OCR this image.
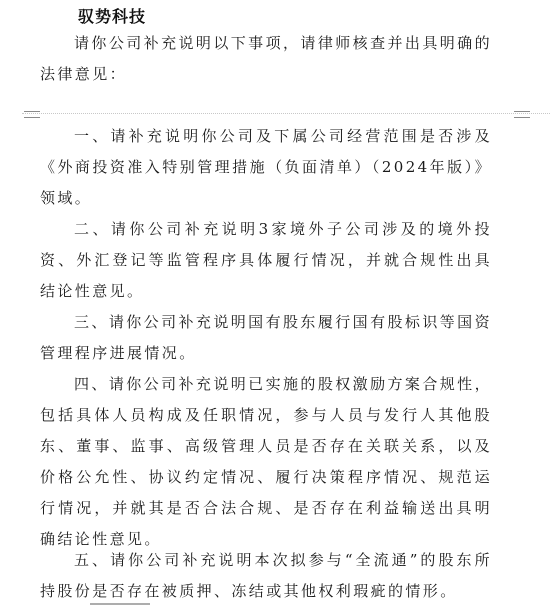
驭势科技

请你公司补充说明以下事项，请律师核查并出具明确的法律意见：

一、请补充说明你公司及下属公司经营范围是否涉及《外商投资准入特别管理措施（负面清单）（2024年版）》领域。

二、请你公司补充说明3家境外子公司涉及的境外投资、外汇登记等监管程序具体履行情况，并就合规性出具结论性意见。

三、请你公司补充说明国有股东履行国有股标识等国资管理程序进展情况。

四、请你公司补充说明已实施的股权激励方案合规性，包括具体人员构成及任职情况，参与人员与发行人其他股东、董事、监事、高级管理人员是否存在关联关系，以及价格公允性、协议约定情况、履行决策程序情况、规范运行情况，并就其是否合法合规、是否存在利益输送出具明确结论性意见。

五、请你公司补充说明本次拟参与“全流通”的股东所持股份是否存在被质押、冻结或其他权利瑕疵的情形。
